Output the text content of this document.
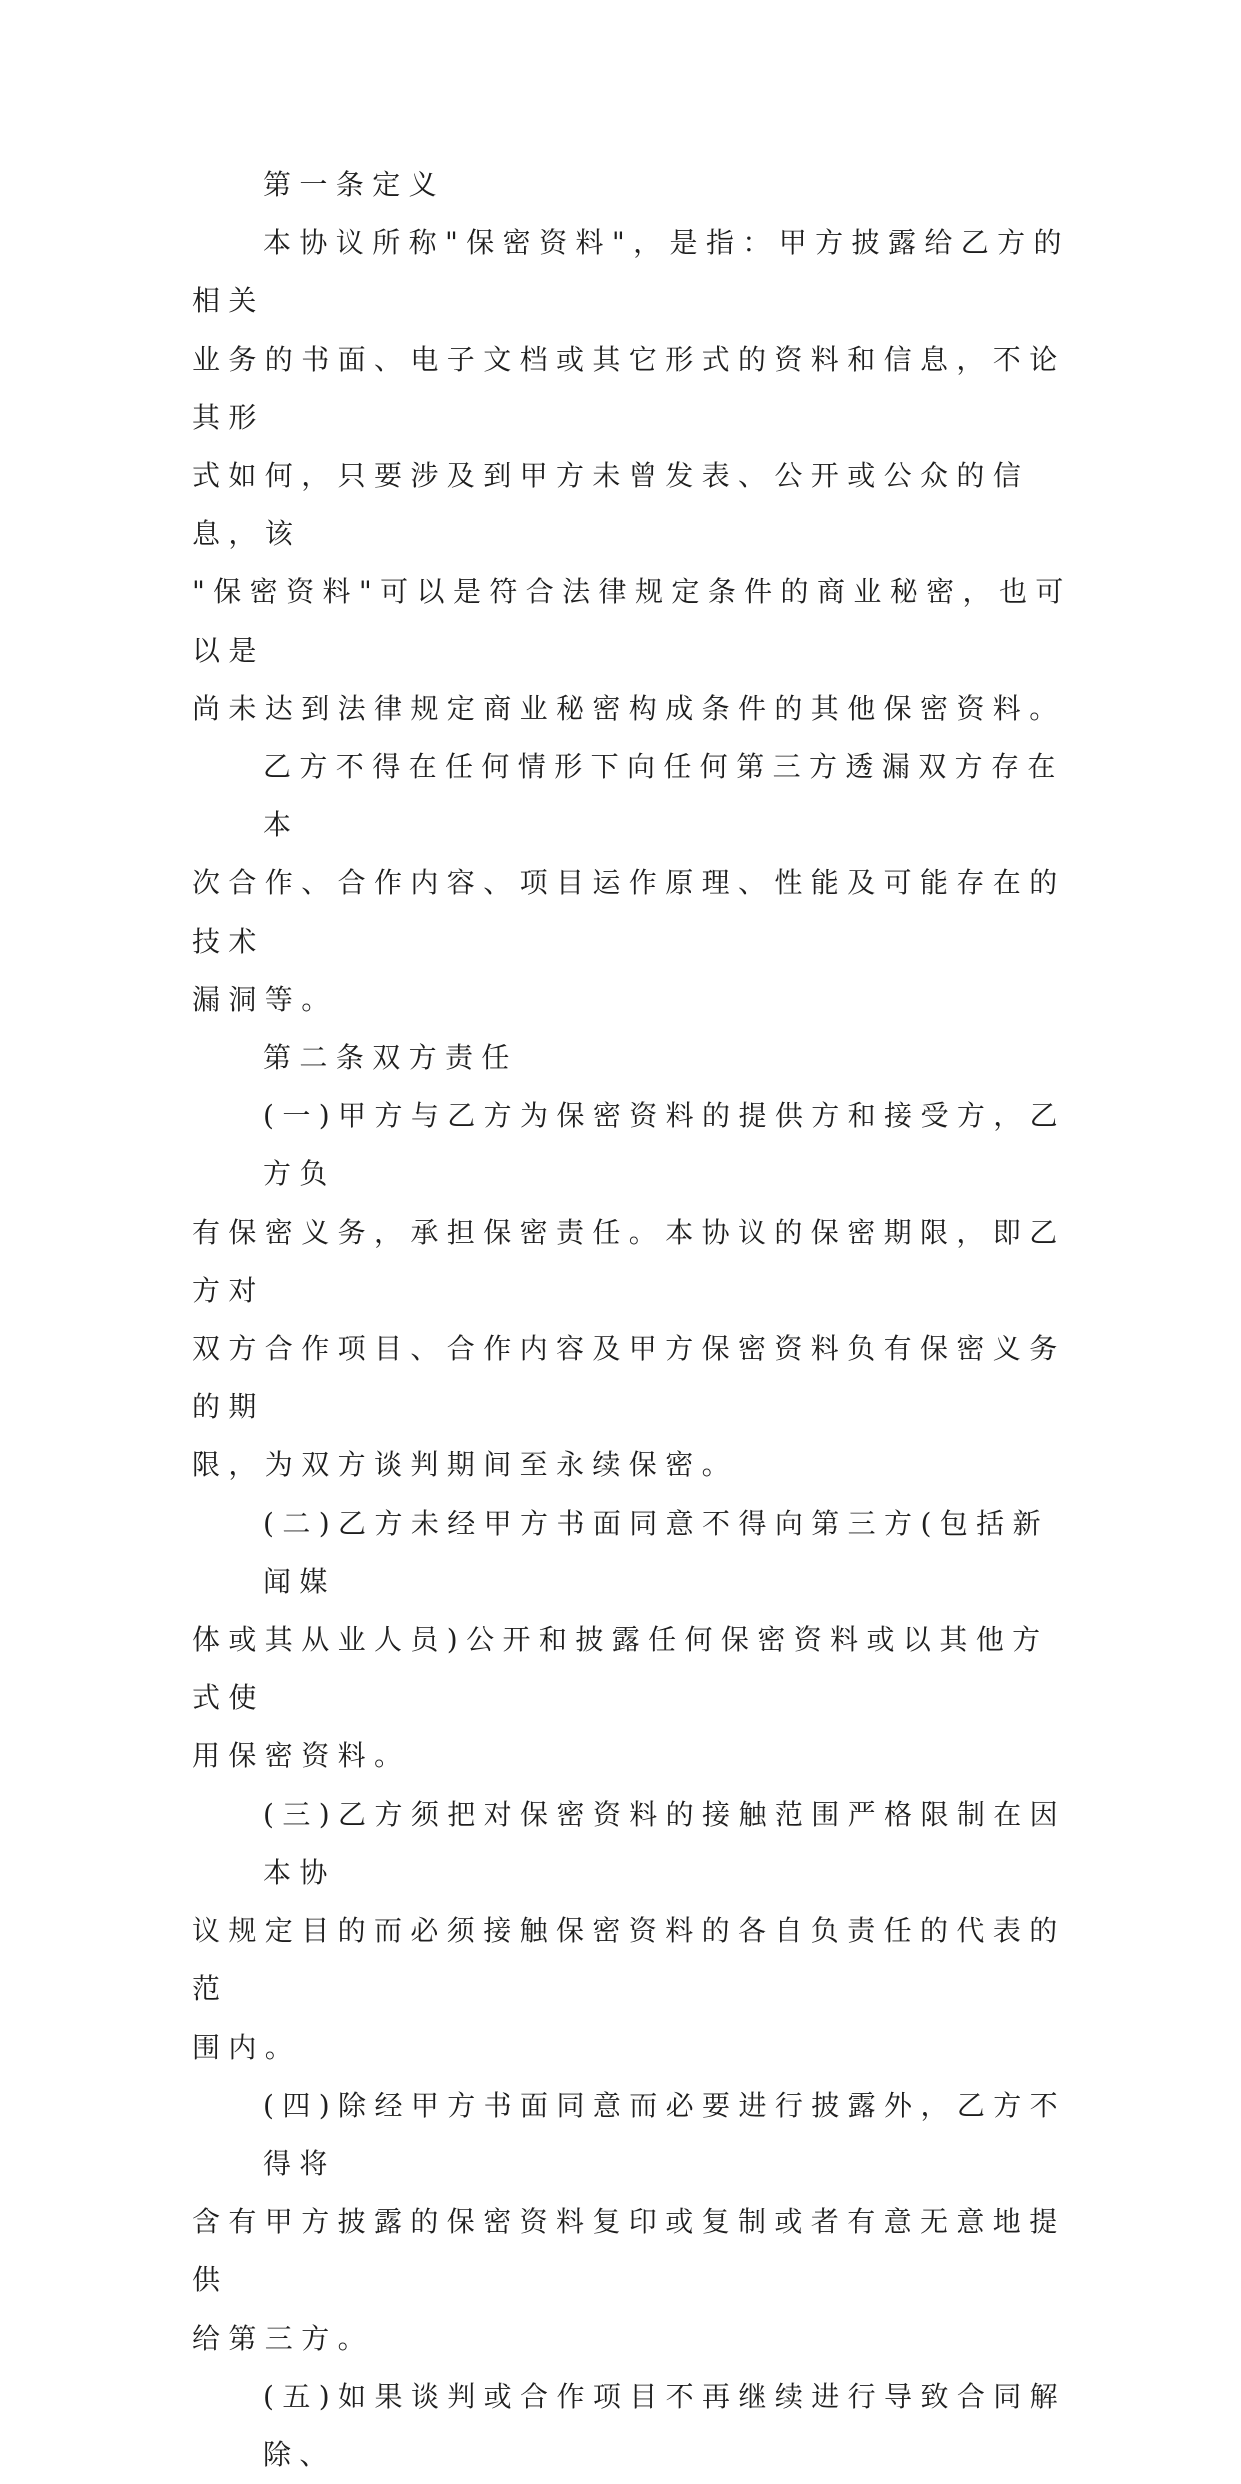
第一条定义
本协议所称"保密资料"，是指：甲方披露给乙方的相关
业务的书面、电子文档或其它形式的资料和信息，不论其形
式如何，只要涉及到甲方未曾发表、公开或公众的信息，该
"保密资料"可以是符合法律规定条件的商业秘密，也可以是
尚未达到法律规定商业秘密构成条件的其他保密资料。
乙方不得在任何情形下向任何第三方透漏双方存在本
次合作、合作内容、项目运作原理、性能及可能存在的技术
漏洞等。
第二条双方责任
(一)甲方与乙方为保密资料的提供方和接受方，乙方负
有保密义务，承担保密责任。本协议的保密期限，即乙方对
双方合作项目、合作内容及甲方保密资料负有保密义务的期
限，为双方谈判期间至永续保密。
(二)乙方未经甲方书面同意不得向第三方(包括新闻媒
体或其从业人员)公开和披露任何保密资料或以其他方式使
用保密资料。
(三)乙方须把对保密资料的接触范围严格限制在因本协
议规定目的而必须接触保密资料的各自负责任的代表的范
围内。
(四)除经甲方书面同意而必要进行披露外，乙方不得将
含有甲方披露的保密资料复印或复制或者有意无意地提供
给第三方。
(五)如果谈判或合作项目不再继续进行导致合同解除、
